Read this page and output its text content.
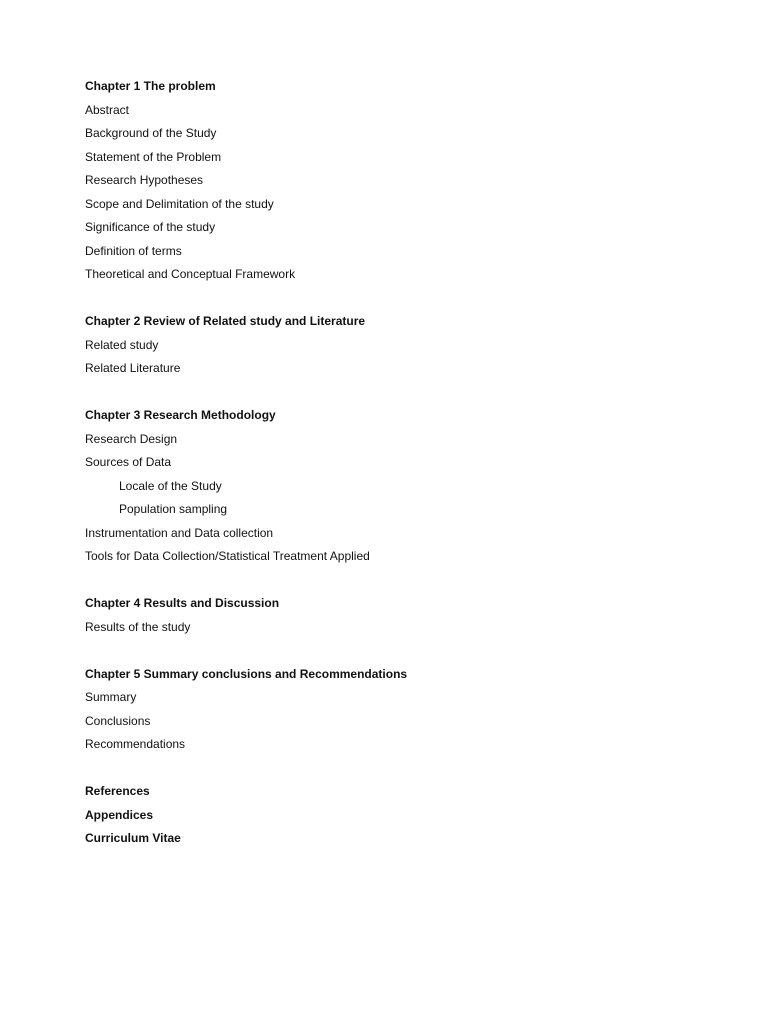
Chapter 1 The problem
Abstract
Background of the Study
Statement of the Problem
Research Hypotheses
Scope and Delimitation of the study
Significance of the study
Definition of terms
Theoretical and Conceptual Framework
Chapter 2 Review of Related study and Literature
Related study
Related Literature
Chapter 3 Research Methodology
Research Design
Sources of Data
Locale of the Study
Population sampling
Instrumentation and Data collection
Tools for Data Collection/Statistical Treatment Applied
Chapter 4 Results and Discussion
Results of the study
Chapter 5 Summary conclusions and Recommendations
Summary
Conclusions
Recommendations
References
Appendices
Curriculum Vitae
